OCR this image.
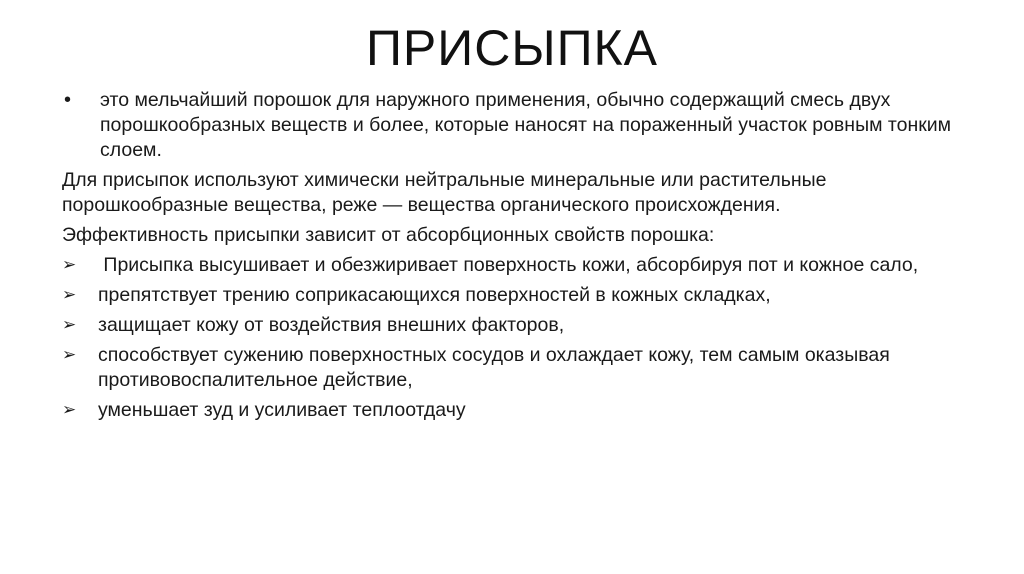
ПРИСЫПКА
•	это мельчайший порошок для наружного применения, обычно содержащий смесь двух порошкообразных веществ и более, которые наносят на пораженный участок ровным тонким слоем.
Для присыпок используют химически нейтральные минеральные или растительные порошкообразные вещества, реже — вещества органического происхождения.
Эффективность присыпки зависит от абсорбционных свойств порошка:
➢	Присыпка высушивает и обезжиривает поверхность кожи, абсорбируя пот и кожное сало,
➢	препятствует трению соприкасающихся поверхностей в кожных складках,
➢	защищает кожу от воздействия внешних факторов,
➢	способствует сужению поверхностных сосудов и охлаждает кожу, тем самым оказывая противовоспалительное действие,
➢	уменьшает зуд и усиливает теплоотдачу
